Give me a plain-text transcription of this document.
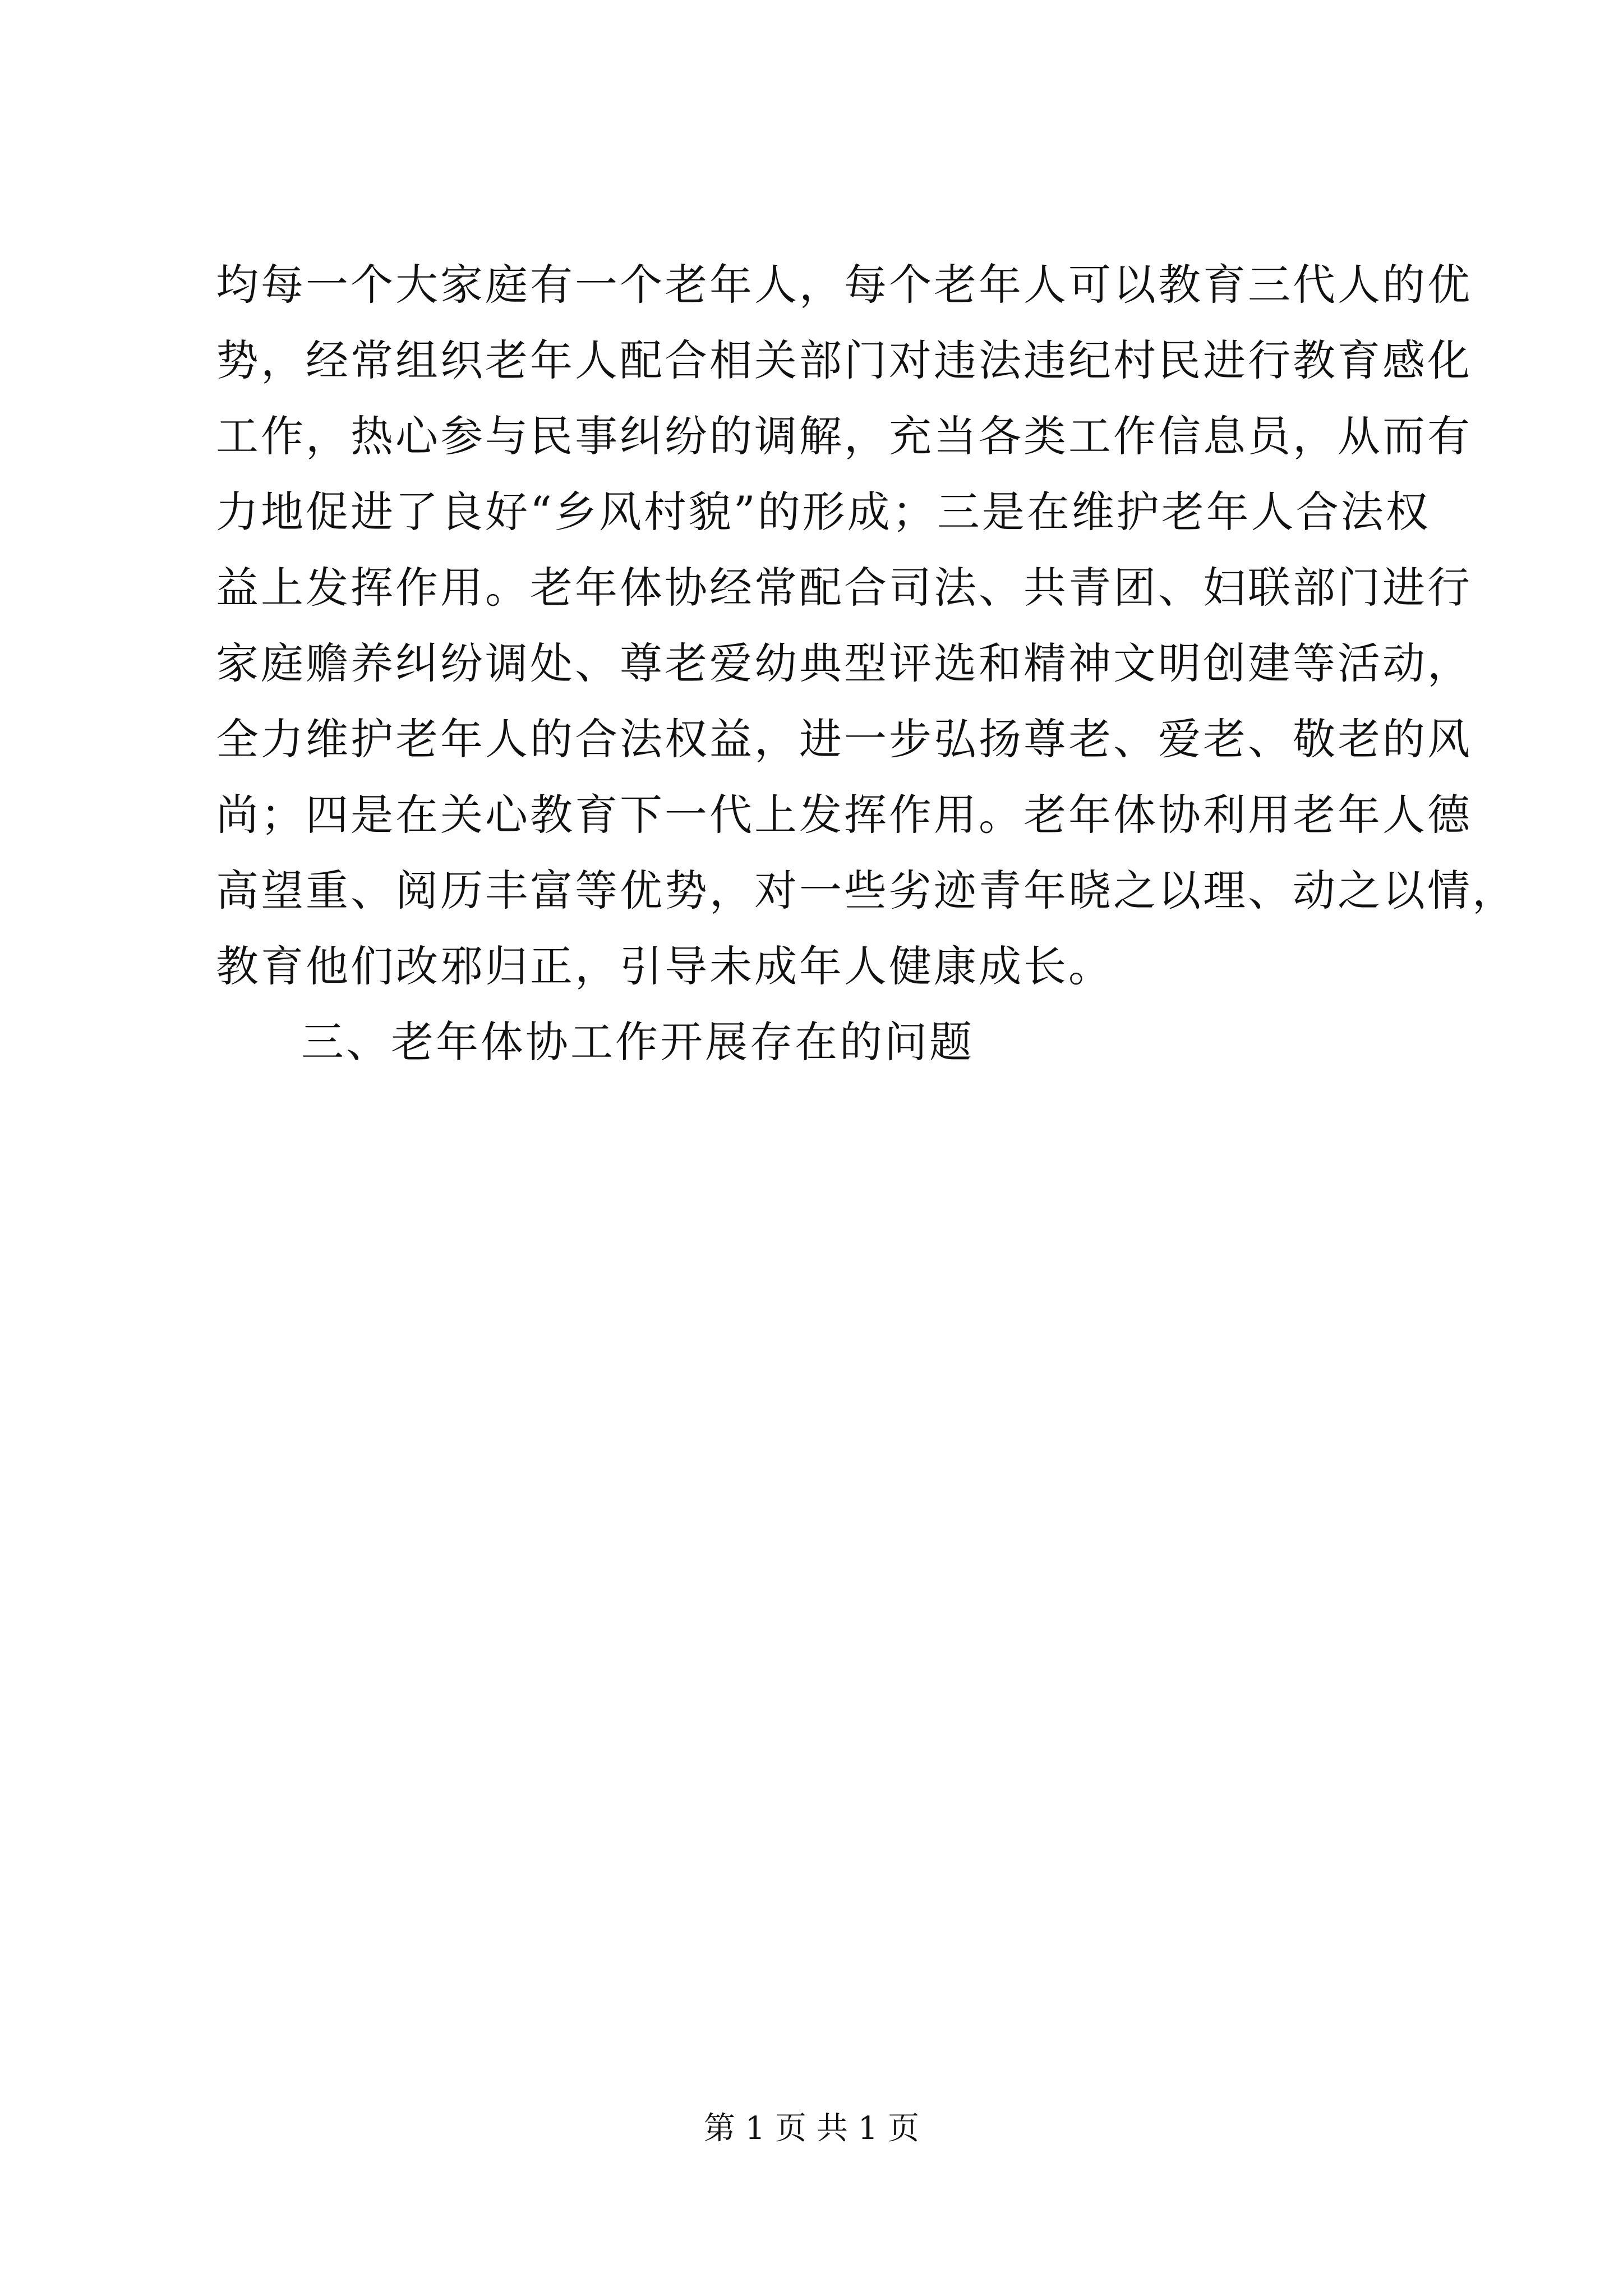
均每一个大家庭有一个老年人，每个老年人可以教育三代人的优
势，经常组织老年人配合相关部门对违法违纪村民进行教育感化
工作，热心参与民事纠纷的调解，充当各类工作信息员，从而有
力地促进了良好“乡风村貌”的形成；三是在维护老年人合法权
益上发挥作用。老年体协经常配合司法、共青团、妇联部门进行
家庭赡养纠纷调处、尊老爱幼典型评选和精神文明创建等活动，
全力维护老年人的合法权益，进一步弘扬尊老、爱老、敬老的风
尚；四是在关心教育下一代上发挥作用。老年体协利用老年人德
高望重、阅历丰富等优势，对一些劣迹青年晓之以理、动之以情，
教育他们改邪归正，引导未成年人健康成长。
三、老年体协工作开展存在的问题
第 1 页 共 1 页
